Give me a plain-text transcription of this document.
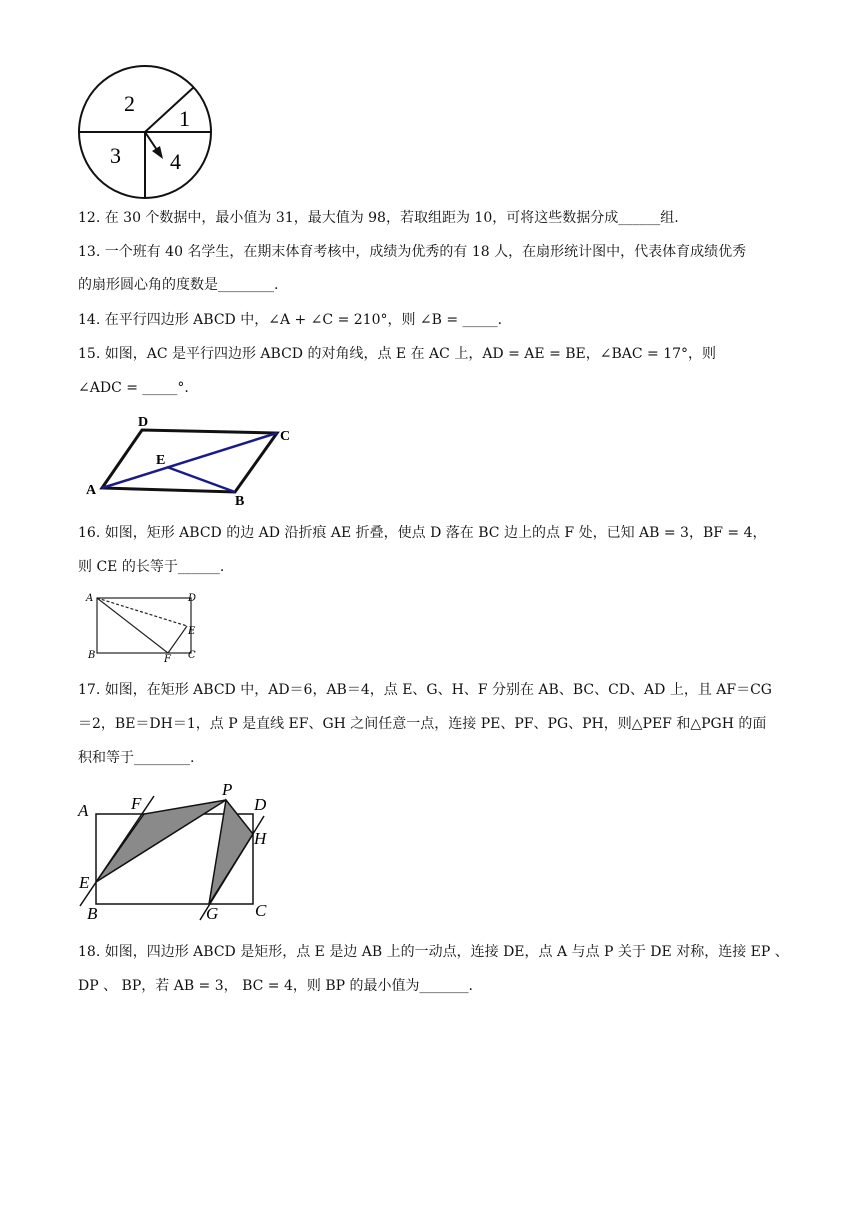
2
1
3 4
12. 在 30 个数据中，最小值为 31，最大值为 98，若取组距为 10，可将这些数据分成______组.
13. 一个班有 40 名学生，在期末体育考核中，成绩为优秀的有 18 人，在扇形统计图中，代表体育成绩优秀
的扇形圆心角的度数是________.
14. 在平行四边形 ABCD 中，∠A + ∠C = 210°，则 ∠B = _____.
15. 如图，AC 是平行四边形 ABCD 的对角线，点 E 在 AC 上，AD = AE = BE，∠BAC = 17°，则
∠ADC = _____°.
A
D
C
E
B
16. 如图，矩形 ABCD 的边 AD 沿折痕 AE 折叠，使点 D 落在 BC 边上的点 F 处，已知 AB = 3，BF = 4，
则 CE 的长等于______.
A	D
E
B	F C
17. 如图，在矩形 ABCD 中，AD＝6，AB＝4，点 E、G、H、F 分别在 AB、BC、CD、AD 上，且 AF＝CG
＝2，BE＝DH＝1，点 P 是直线 EF、GH 之间任意一点，连接 PE、PF、PG、PH，则△PEF 和△PGH 的面
积和等于________.
A	F
P
D
H
E
B	G C
18. 如图，四边形 ABCD 是矩形，点 E 是边 AB 上的一动点，连接 DE，点 A 与点 P 关于 DE 对称，连接 EP 、
DP 、 BP，若 AB = 3， BC = 4，则 BP 的最小值为_______.
